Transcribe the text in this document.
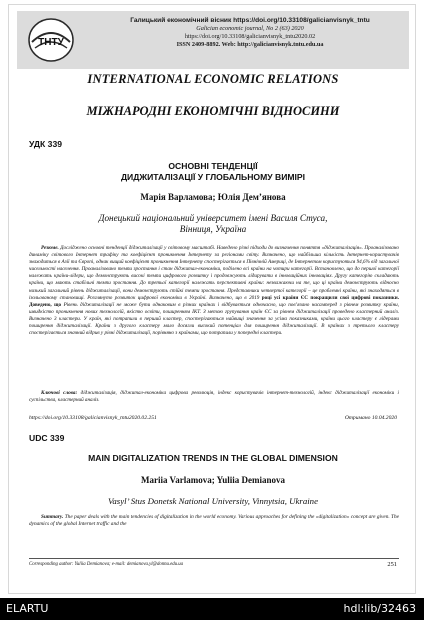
ТНТУ
Галицький економічний вісник https://doi.org/10.33108/galicianvisnyk_tntu
Galician economic journal, No 2 (63) 2020
https://doi.org/10.33108/galicianvisnyk_tntu2020.02
ISSN 2409-8892. Web: http://galicianvisnyk.tntu.edu.ua
INTERNATIONAL ECONOMIC RELATIONS
МІЖНАРОДНІ ЕКОНОМІЧНІ ВІДНОСИНИ
УДК 339
ОСНОВНІ ТЕНДЕНЦІЇ
ДИДЖИТАЛІЗАЦІЇ У ГЛОБАЛЬНОМУ ВИМІРІ
Марія Варламова; Юлія Дем’янова
Донецький національний університет імені Василя Стуса,
Вінниця, Україна
Резюме. Досліджено основні тенденції діджиталізації у світовому масштабі. Наведено різні підходи до визначення поняття «діджиталізація». Проаналізовано динаміку світового Інтернет трафіку та коефіцієнт проникнення Інтернету за регіонами світу. Визначено, що найбільша кількість Інтернет-користувачів знаходиться в Азії та Європі, однак вищий коефіцієнт проникнення Інтернету спостерігається в Північній Америці, де Інтернетом користуються 94,6% від загальної чисельності населення. Проаналізовано темпи зростання і стан діджитал-економіки, поділено всі країни на чотири категорії. Встановлено, що до першої категорії належать країни-лідери, що демонструють високі темпи цифрового розвитку і продовжують лідирувати в інноваційних інноваціях. Другу категорію складають країни, що мають стабільні темпи зростання. До третьої категорії належать перспективні країни: незважаючи на те, що ці країни демонструють відносно низький загальний рівень діджиталізації, вони демонструють стійкі темпи зростання. Представники четвертої категорії – це проблемні країни, які знаходяться в ізольованому становищі. Розглянуто розвиток цифрової економіки в Україні. Визначено, що в 2019 році усі країни ЄС покращили свої цифрові показники. Доведено, що Рівень діджиталізації не може бути однаковим в різних країнах і відбувається одночасно, що пов’язано насамперед з рівнем розвитку країни, швидкістю проникнення нових технологій, якістю освіти, поширенням ІКТ. З метою групування країн ЄС за рівнем діджиталізації проведено кластерний аналіз. Визначено 3 кластери. У країн, які потрапили в перший кластер, спостерігаються найвищі значення за усіма показниками, країни цього кластеру є лідерами поширення діджиталізації. Країни з другого кластеру мало досягли високий потенціал для поширення діджиталізації. В країнах з третього кластеру спостерігається значний відрив у рівні діджиталізації, порівняно з країнами, що потрапили у попередні кластери.
Ключові слова: діджиталізація, діджитал-економіка цифрова революція, індекс користувачів інтернет-технологій, індекс діджиталізації економіки і суспільства, кластерний аналіз.
https://doi.org/10.33108/galicianvisnyk_tntu2020.02.251	Отримано 10.04.2020
UDC 339
MAIN DIGITALIZATION TRENDS IN THE GLOBAL DIMENSION
Mariia Varlamova; Yuliia Demianova
Vasyl’ Stus Donetsk National University, Vinnytsia, Ukraine
Summary. The paper deals with the main tendencies of digitalization in the world economy. Various approaches for defining the «digitalization» concept are given. The dynamics of the global Internet traffic and the
Corresponding author: Yuliia Demianova; e-mail: demianova.yl@donnu.edu.ua	251
ELARTU	hdl:lib/32463
